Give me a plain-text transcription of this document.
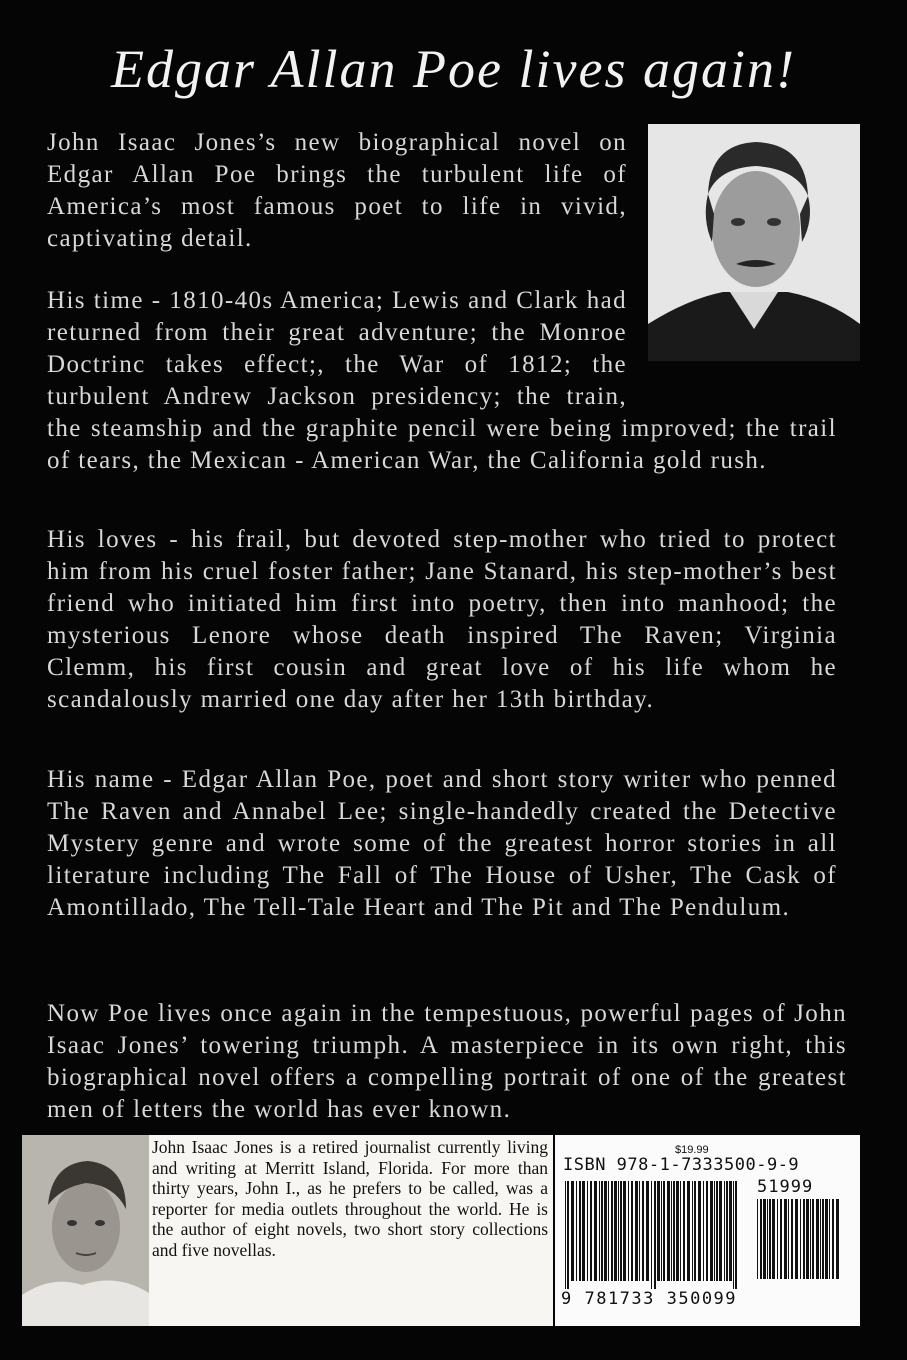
Edgar Allan Poe lives again!

John Isaac Jones’s new biographical novel on Edgar Allan Poe brings the turbulent life of America’s most famous poet to life in vivid, captivating detail.

His time - 1810-40s America; Lewis and Clark had returned from their great adventure; the Monroe Doctrinc takes effect;, the War of 1812; the turbulent Andrew Jackson presidency; the train, the steamship and the graphite pencil were being improved; the trail of tears, the Mexican - American War, the California gold rush.

His loves - his frail, but devoted step-mother who tried to protect him from his cruel foster father; Jane Stanard, his step-mother’s best friend who initiated him first into poetry, then into manhood; the mysterious Lenore whose death inspired The Raven; Virginia Clemm, his first cousin and great love of his life whom he scandalously married one day after her 13th birthday.

His name - Edgar Allan Poe, poet and short story writer who penned The Raven and Annabel Lee; single-handedly created the Detective Mystery genre and wrote some of the greatest horror stories in all literature including The Fall of The House of Usher, The Cask of Amontillado, The Tell-Tale Heart and The Pit and The Pendulum.

Now Poe lives once again in the tempestuous, powerful pages of John Isaac Jones’ towering triumph. A masterpiece in its own right, this biographical novel offers a compelling portrait of one of the greatest men of letters the world has ever known.

John Isaac Jones is a retired journalist currently living and writing at Merritt Island, Florida. For more than thirty years, John I., as he prefers to be called, was a reporter for media outlets throughout the world. He is the author of eight novels, two short story collections and five novellas.

$19.99

ISBN 978-1-7333500-9-9

51999

9 781733 350099
